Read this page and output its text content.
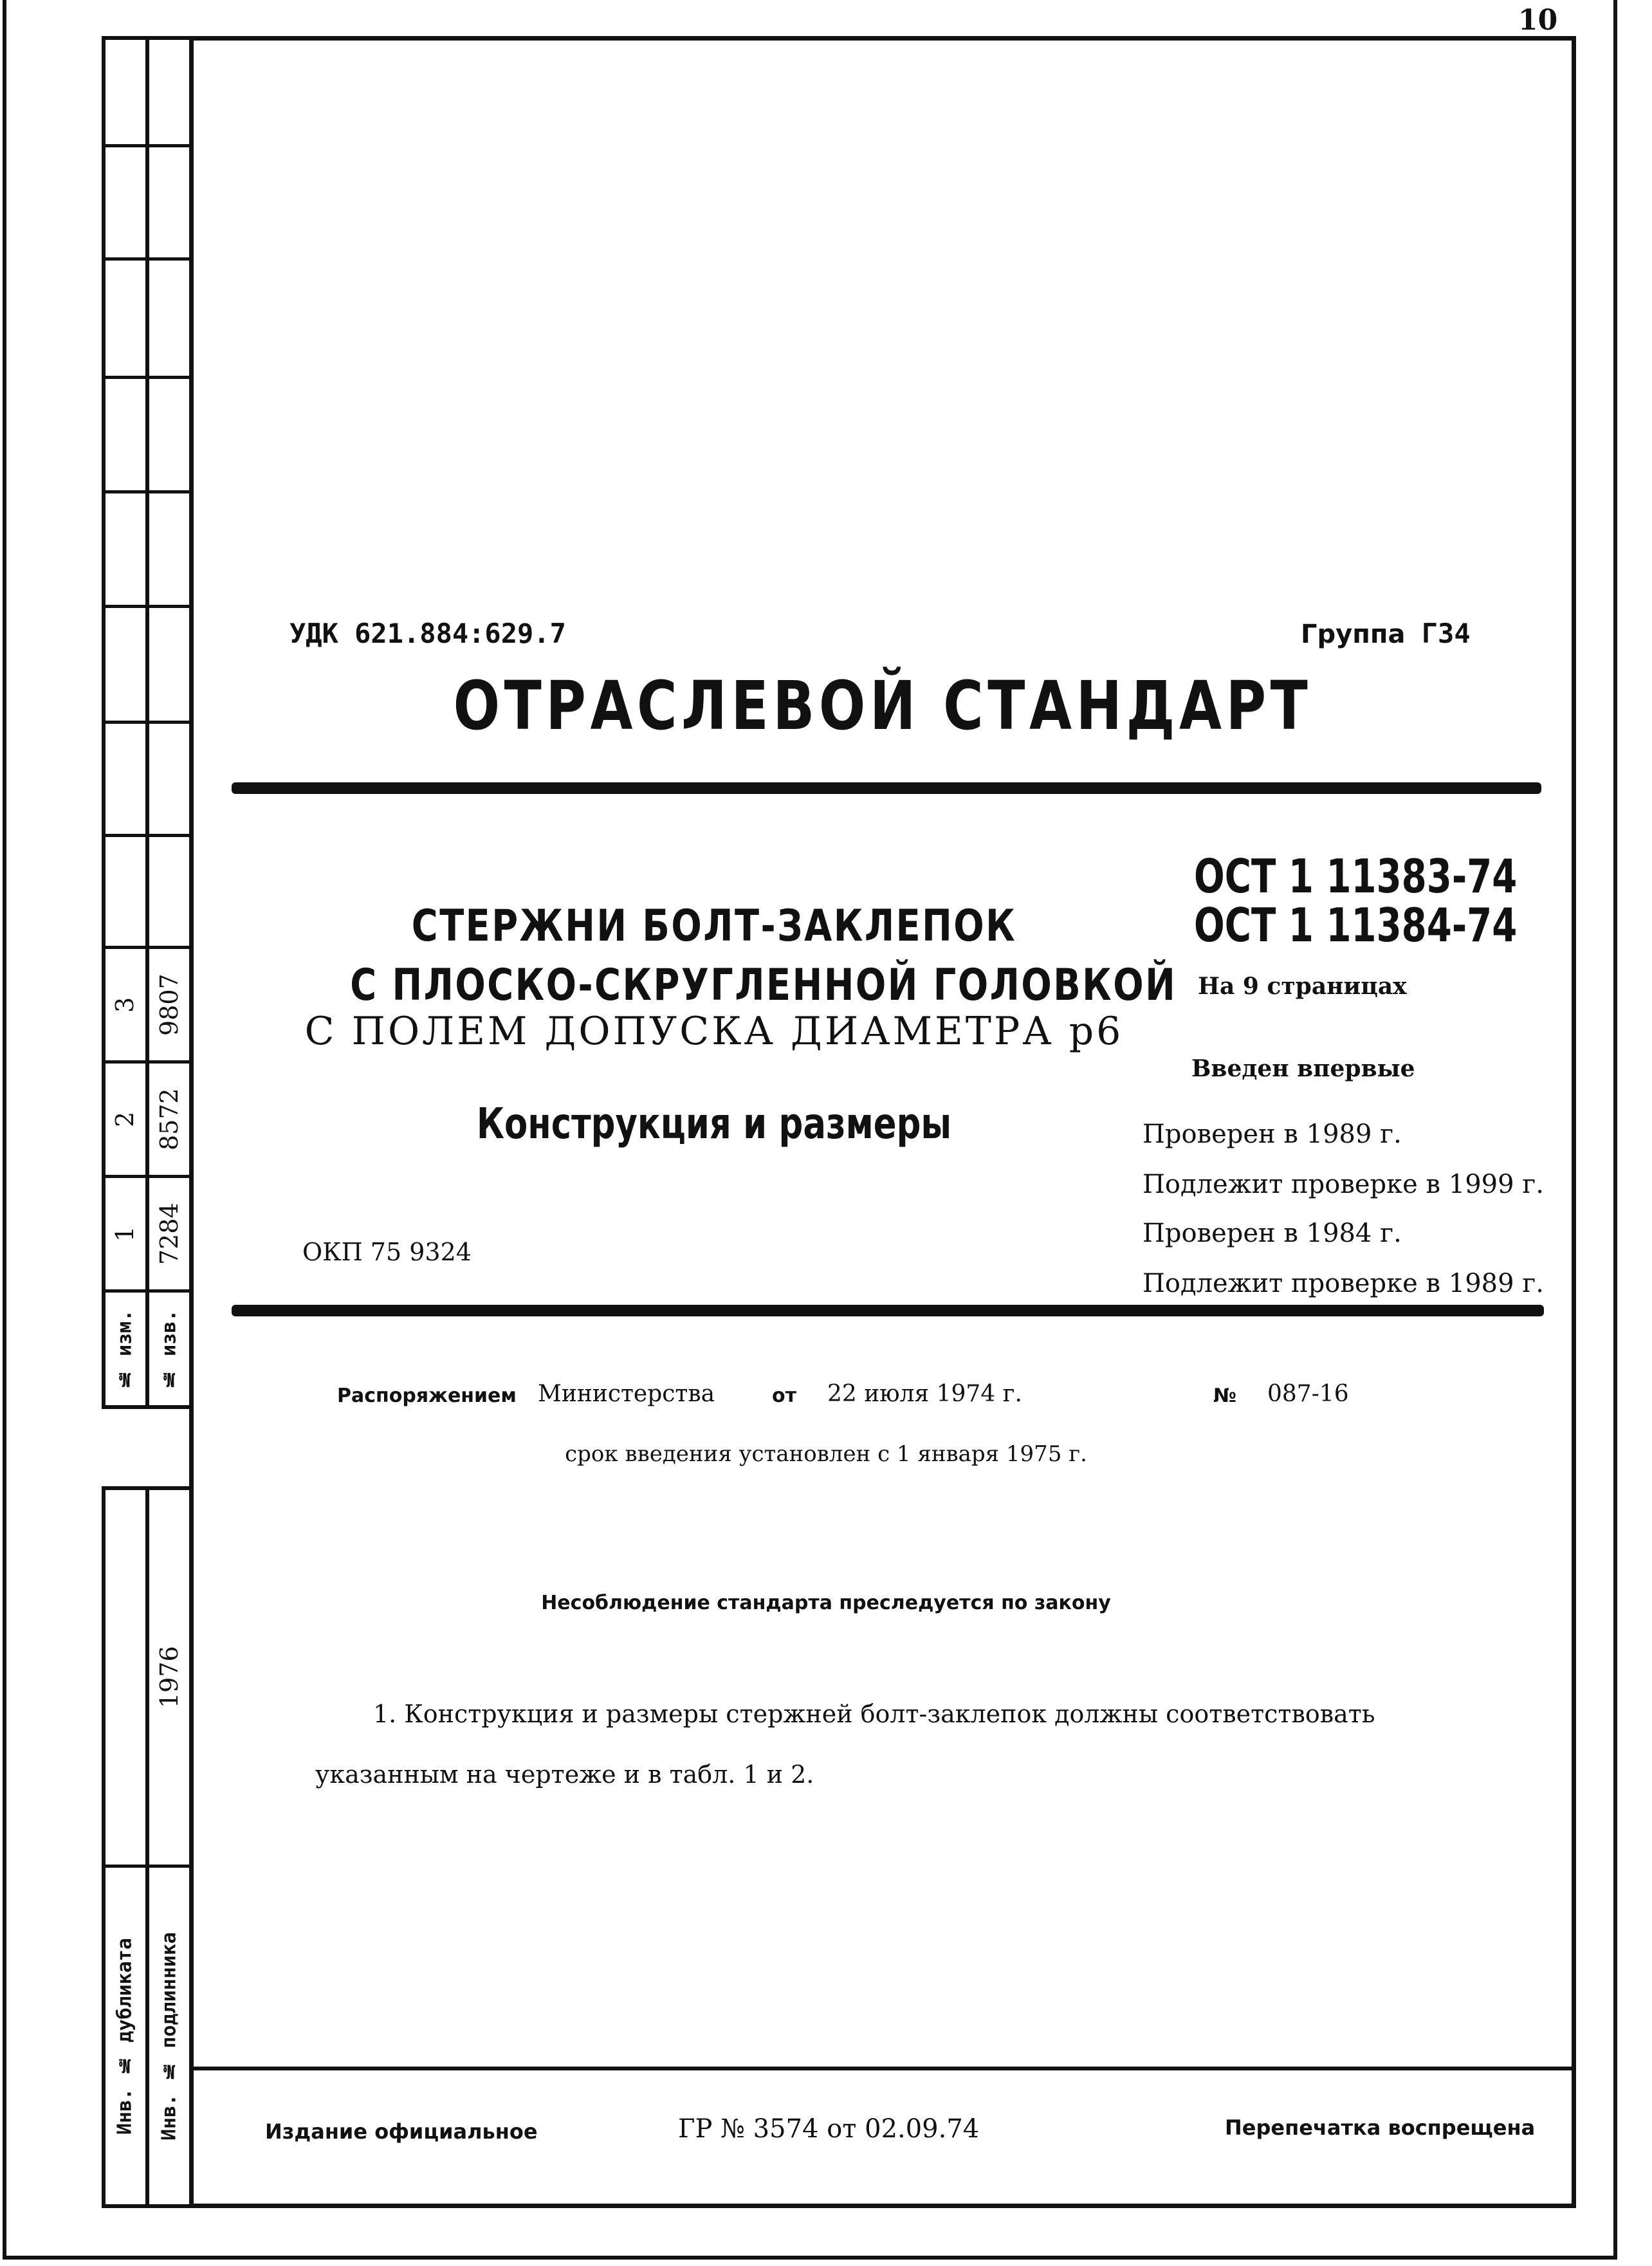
10
3 9807
2 8572
1 7284
№ изм.	№ изв.
1976
Инв. № дубликата	Инв. № подлинника
УДК 621.884:629.7	Группа Г34
ОТРАСЛЕВОЙ СТАНДАРТ
ОСТ 1 11383-74
ОСТ 1 11384-74
На 9 страницах
Введен впервые
Проверен в 1989 г.
Подлежит проверке в 1999 г.
Проверен в 1984 г.
Подлежит проверке в 1989 г.
СТЕРЖНИ БОЛТ-ЗАКЛЕПОК
С ПЛОСКО-СКРУГЛЕННОЙ ГОЛОВКОЙ
С ПОЛЕМ ДОПУСКА ДИАМЕТРА р6
Конструкция и размеры
ОКП 75 9324
Распоряжением Министерства	от 22 июля 1974 г.	№ 087-16
срок введения установлен с 1 января 1975 г.
Несоблюдение стандарта преследуется по закону
1. Конструкция и размеры стержней болт-заклепок должны соответствовать
указанным на чертеже и в табл. 1 и 2.
Издание официальное	ГР № 3574 от 02.09.74	Перепечатка воспрещена
